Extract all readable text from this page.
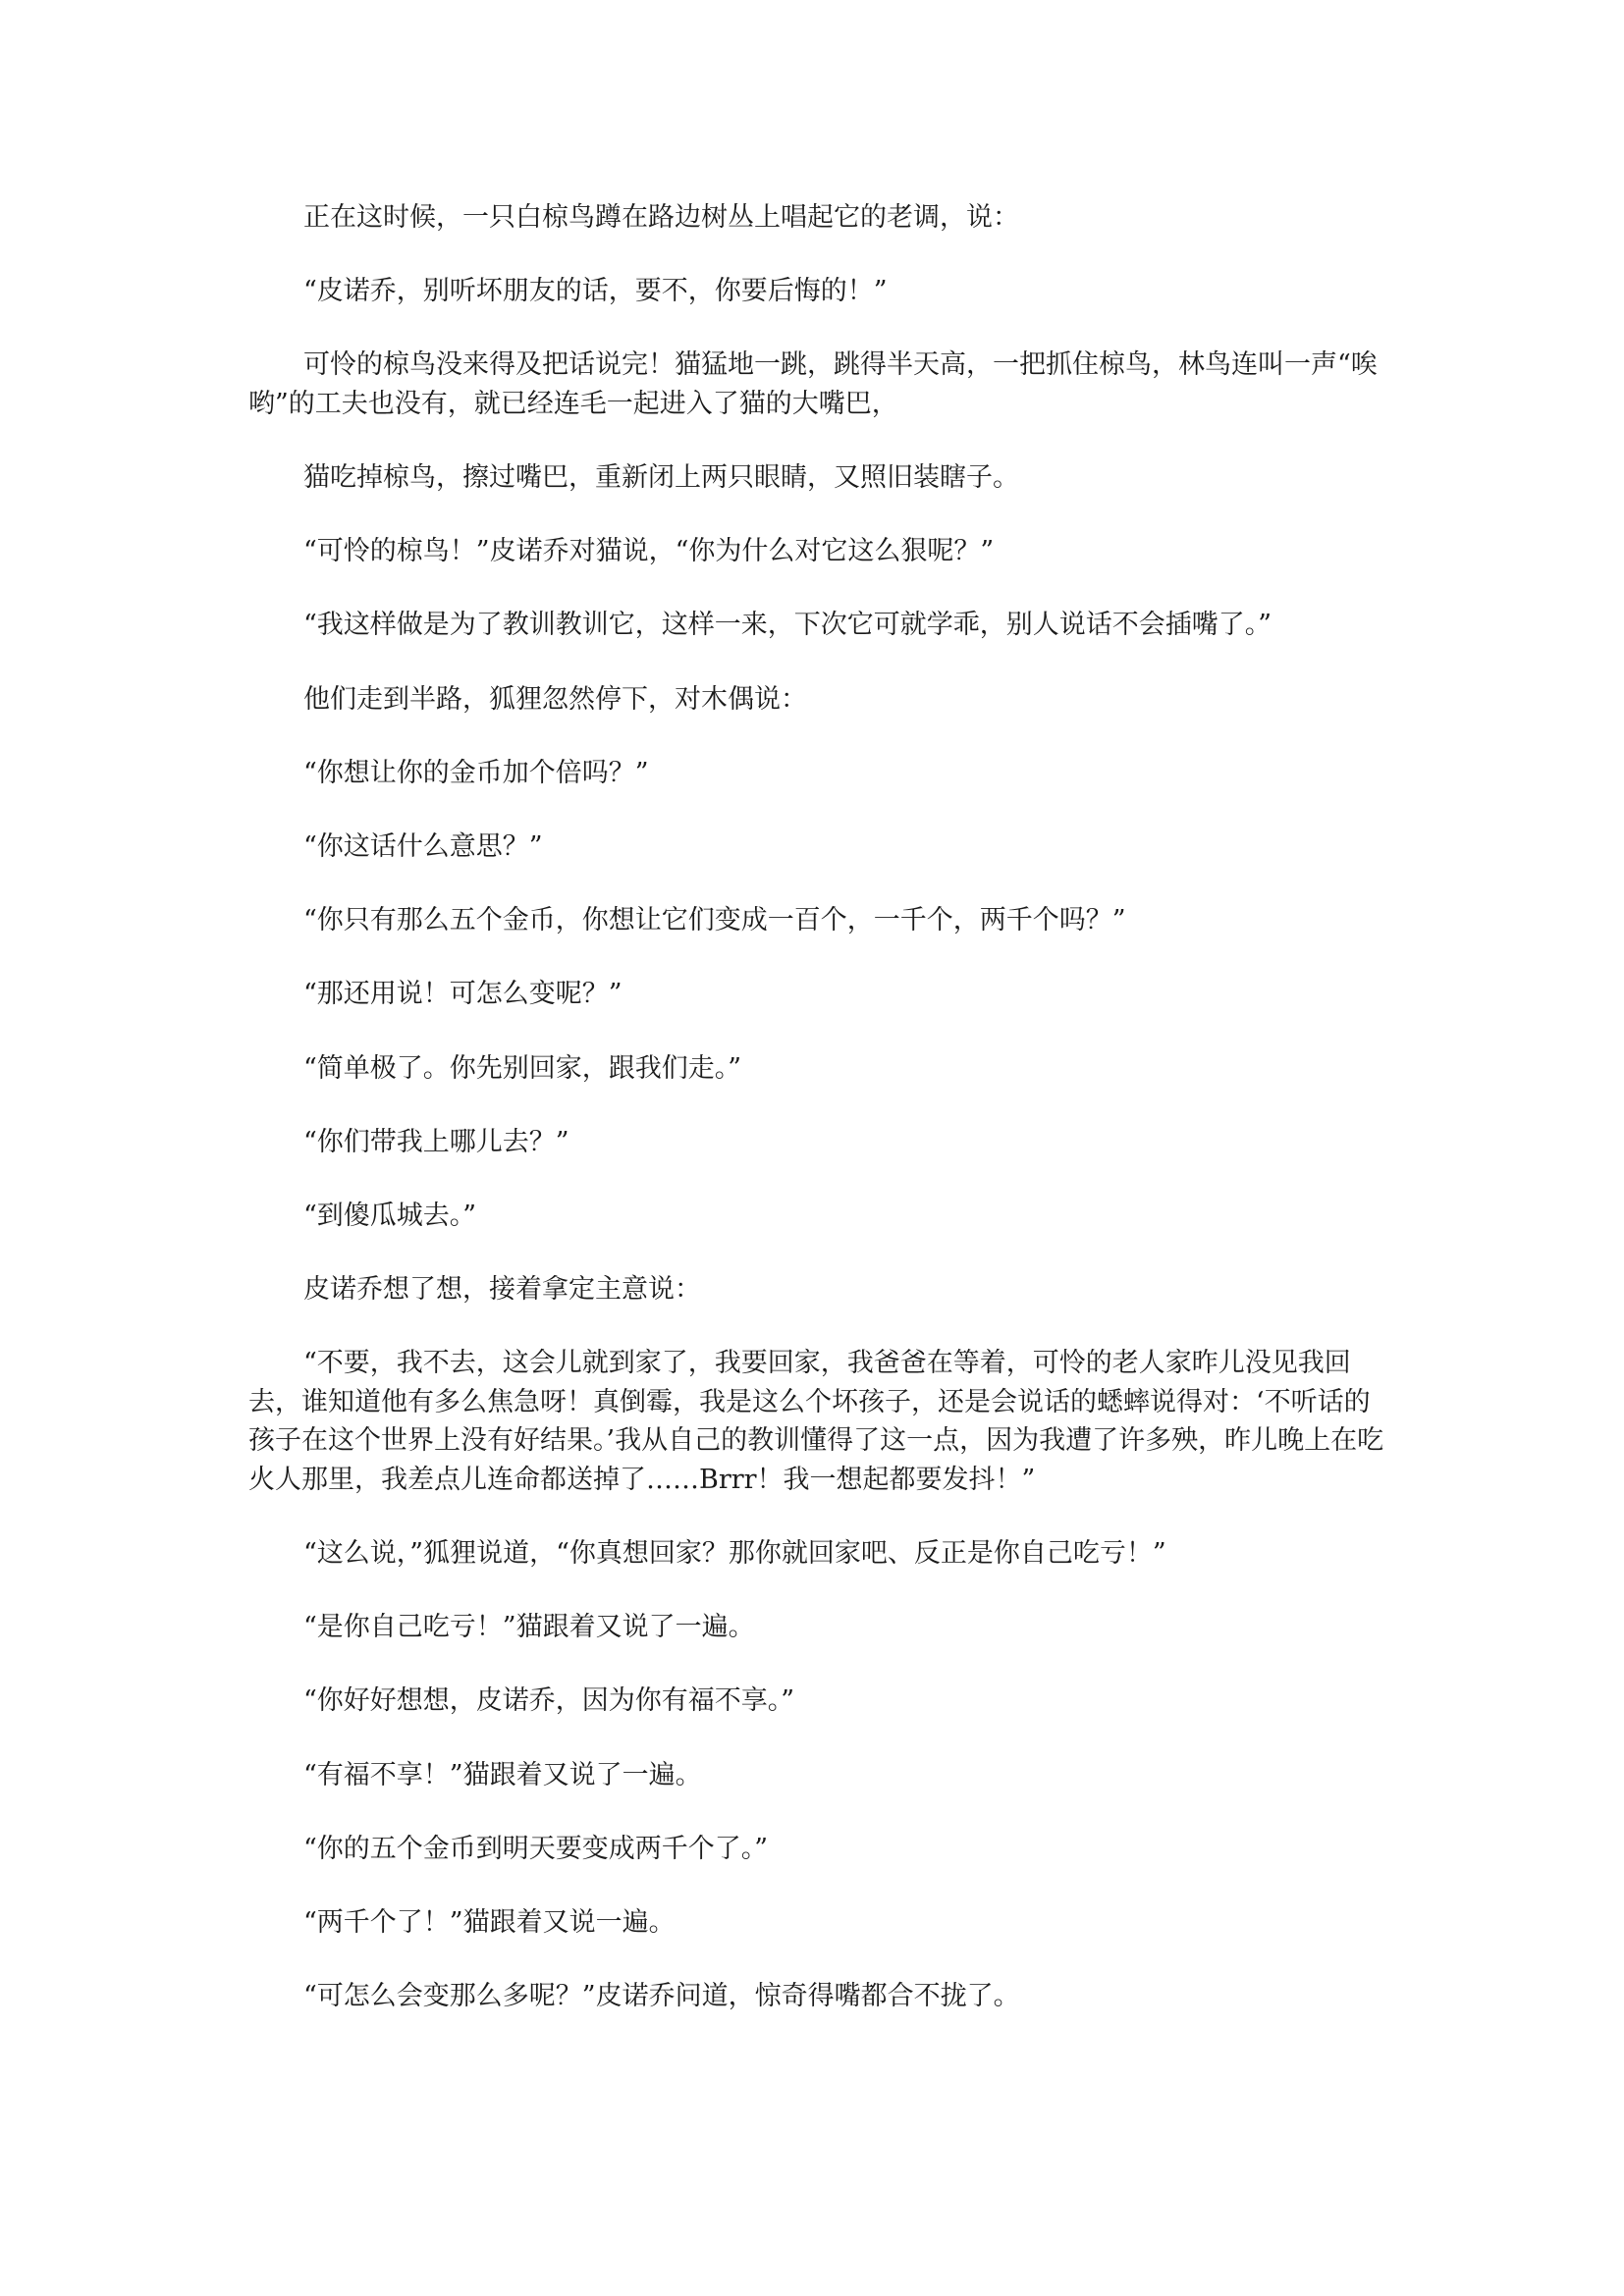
正在这时候，一只白椋鸟蹲在路边树丛上唱起它的老调，说：

“皮诺乔，别听坏朋友的话，要不，你要后悔的！”

可怜的椋鸟没来得及把话说完！猫猛地一跳，跳得半天高，一把抓住椋鸟，林鸟连叫一声“唉哟”的工夫也没有，就已经连毛一起进入了猫的大嘴巴，

猫吃掉椋鸟，擦过嘴巴，重新闭上两只眼睛，又照旧装瞎子。

“可怜的椋鸟！”皮诺乔对猫说，“你为什么对它这么狠呢？”

“我这样做是为了教训教训它，这样一来，下次它可就学乖，别人说话不会插嘴了。”

他们走到半路，狐狸忽然停下，对木偶说：

“你想让你的金币加个倍吗？”

“你这话什么意思？”

“你只有那么五个金币，你想让它们变成一百个，一千个，两千个吗？”

“那还用说！可怎么变呢？”

“简单极了。你先别回家，跟我们走。”

“你们带我上哪儿去？”

“到傻瓜城去。”

皮诺乔想了想，接着拿定主意说：

“不要，我不去，这会儿就到家了，我要回家，我爸爸在等着，可怜的老人家昨儿没见我回去，谁知道他有多么焦急呀！真倒霉，我是这么个坏孩子，还是会说话的蟋蟀说得对：‘不听话的孩子在这个世界上没有好结果。’我从自己的教训懂得了这一点，因为我遭了许多殃，昨儿晚上在吃火人那里，我差点儿连命都送掉了……Brrr！我一想起都要发抖！”

“这么说，”狐狸说道，“你真想回家？那你就回家吧、反正是你自己吃亏！”

“是你自己吃亏！”猫跟着又说了一遍。

“你好好想想，皮诺乔，因为你有福不享。”

“有福不享！”猫跟着又说了一遍。

“你的五个金币到明天要变成两千个了。”

“两千个了！”猫跟着又说一遍。

“可怎么会变那么多呢？”皮诺乔问道，惊奇得嘴都合不拢了。
